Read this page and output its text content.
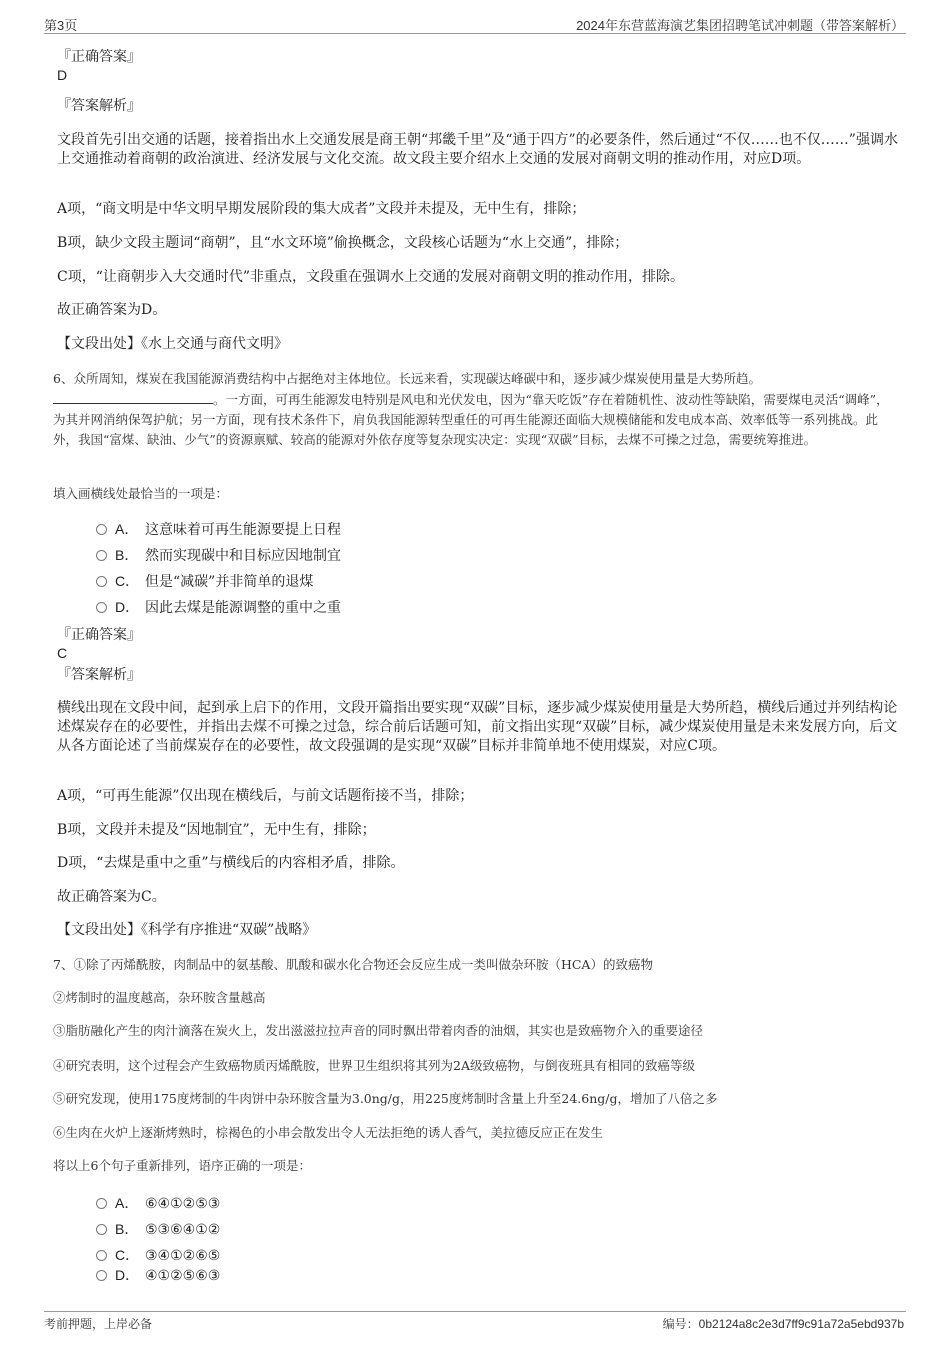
第3页	2024年东营蓝海演艺集团招聘笔试冲刺题（带答案解析）
『正确答案』
D
『答案解析』
文段首先引出交通的话题，接着指出水上交通发展是商王朝“邦畿千里”及“通于四方”的必要条件，然后通过“不仅……也不仅……”强调水上交通推动着商朝的政治演进、经济发展与文化交流。故文段主要介绍水上交通的发展对商朝文明的推动作用，对应D项。
A项，“商文明是中华文明早期发展阶段的集大成者”文段并未提及，无中生有，排除；
B项，缺少文段主题词“商朝”，且“水文环境”偷换概念，文段核心话题为“水上交通”，排除；
C项，“让商朝步入大交通时代”非重点，文段重在强调水上交通的发展对商朝文明的推动作用，排除。
故正确答案为D。
【文段出处】《水上交通与商代文明》
6、众所周知，煤炭在我国能源消费结构中占据绝对主体地位。长远来看，实现碳达峰碳中和，逐步减少煤炭使用量是大势所趋。
。一方面，可再生能源发电特别是风电和光伏发电，因为“靠天吃饭”存在着随机性、波动性等缺陷，需要煤电灵活“调峰”，为其并网消纳保驾护航；另一方面，现有技术条件下，肩负我国能源转型重任的可再生能源还面临大规模储能和发电成本高、效率低等一系列挑战。此外，我国“富煤、缺油、少气”的资源禀赋、较高的能源对外依存度等复杂现实决定：实现“双碳”目标，去煤不可操之过急，需要统筹推进。
填入画横线处最恰当的一项是：
A． 这意味着可再生能源要提上日程
B． 然而实现碳中和目标应因地制宜
C． 但是“减碳”并非简单的退煤
D． 因此去煤是能源调整的重中之重
『正确答案』
C
『答案解析』
横线出现在文段中间，起到承上启下的作用，文段开篇指出要实现“双碳”目标，逐步减少煤炭使用量是大势所趋，横线后通过并列结构论述煤炭存在的必要性，并指出去煤不可操之过急，综合前后话题可知，前文指出实现“双碳”目标，减少煤炭使用量是未来发展方向，后文从各方面论述了当前煤炭存在的必要性，故文段强调的是实现“双碳”目标并非简单地不使用煤炭，对应C项。
A项，“可再生能源”仅出现在横线后，与前文话题衔接不当，排除；
B项，文段并未提及“因地制宜”，无中生有，排除；
D项，“去煤是重中之重”与横线后的内容相矛盾，排除。
故正确答案为C。
【文段出处】《科学有序推进“双碳”战略》
7、①除了丙烯酰胺，肉制品中的氨基酸、肌酸和碳水化合物还会反应生成一类叫做杂环胺（HCA）的致癌物
②烤制时的温度越高，杂环胺含量越高
③脂肪融化产生的肉汁滴落在炭火上，发出滋滋拉拉声音的同时飘出带着肉香的油烟，其实也是致癌物介入的重要途径
④研究表明，这个过程会产生致癌物质丙烯酰胺，世界卫生组织将其列为2A级致癌物，与倒夜班具有相同的致癌等级
⑤研究发现，使用175度烤制的牛肉饼中杂环胺含量为3.0ng/g，用225度烤制时含量上升至24.6ng/g，增加了八倍之多
⑥生肉在火炉上逐渐烤熟时，棕褐色的小串会散发出令人无法拒绝的诱人香气，美拉德反应正在发生
将以上6个句子重新排列，语序正确的一项是：
A． ⑥④①②⑤③
B． ⑤③⑥④①②
C． ③④①②⑥⑤
D． ④①②⑤⑥③
考前押题，上岸必备	编号：0b2124a8c2e3d7ff9c91a72a5ebd937b
